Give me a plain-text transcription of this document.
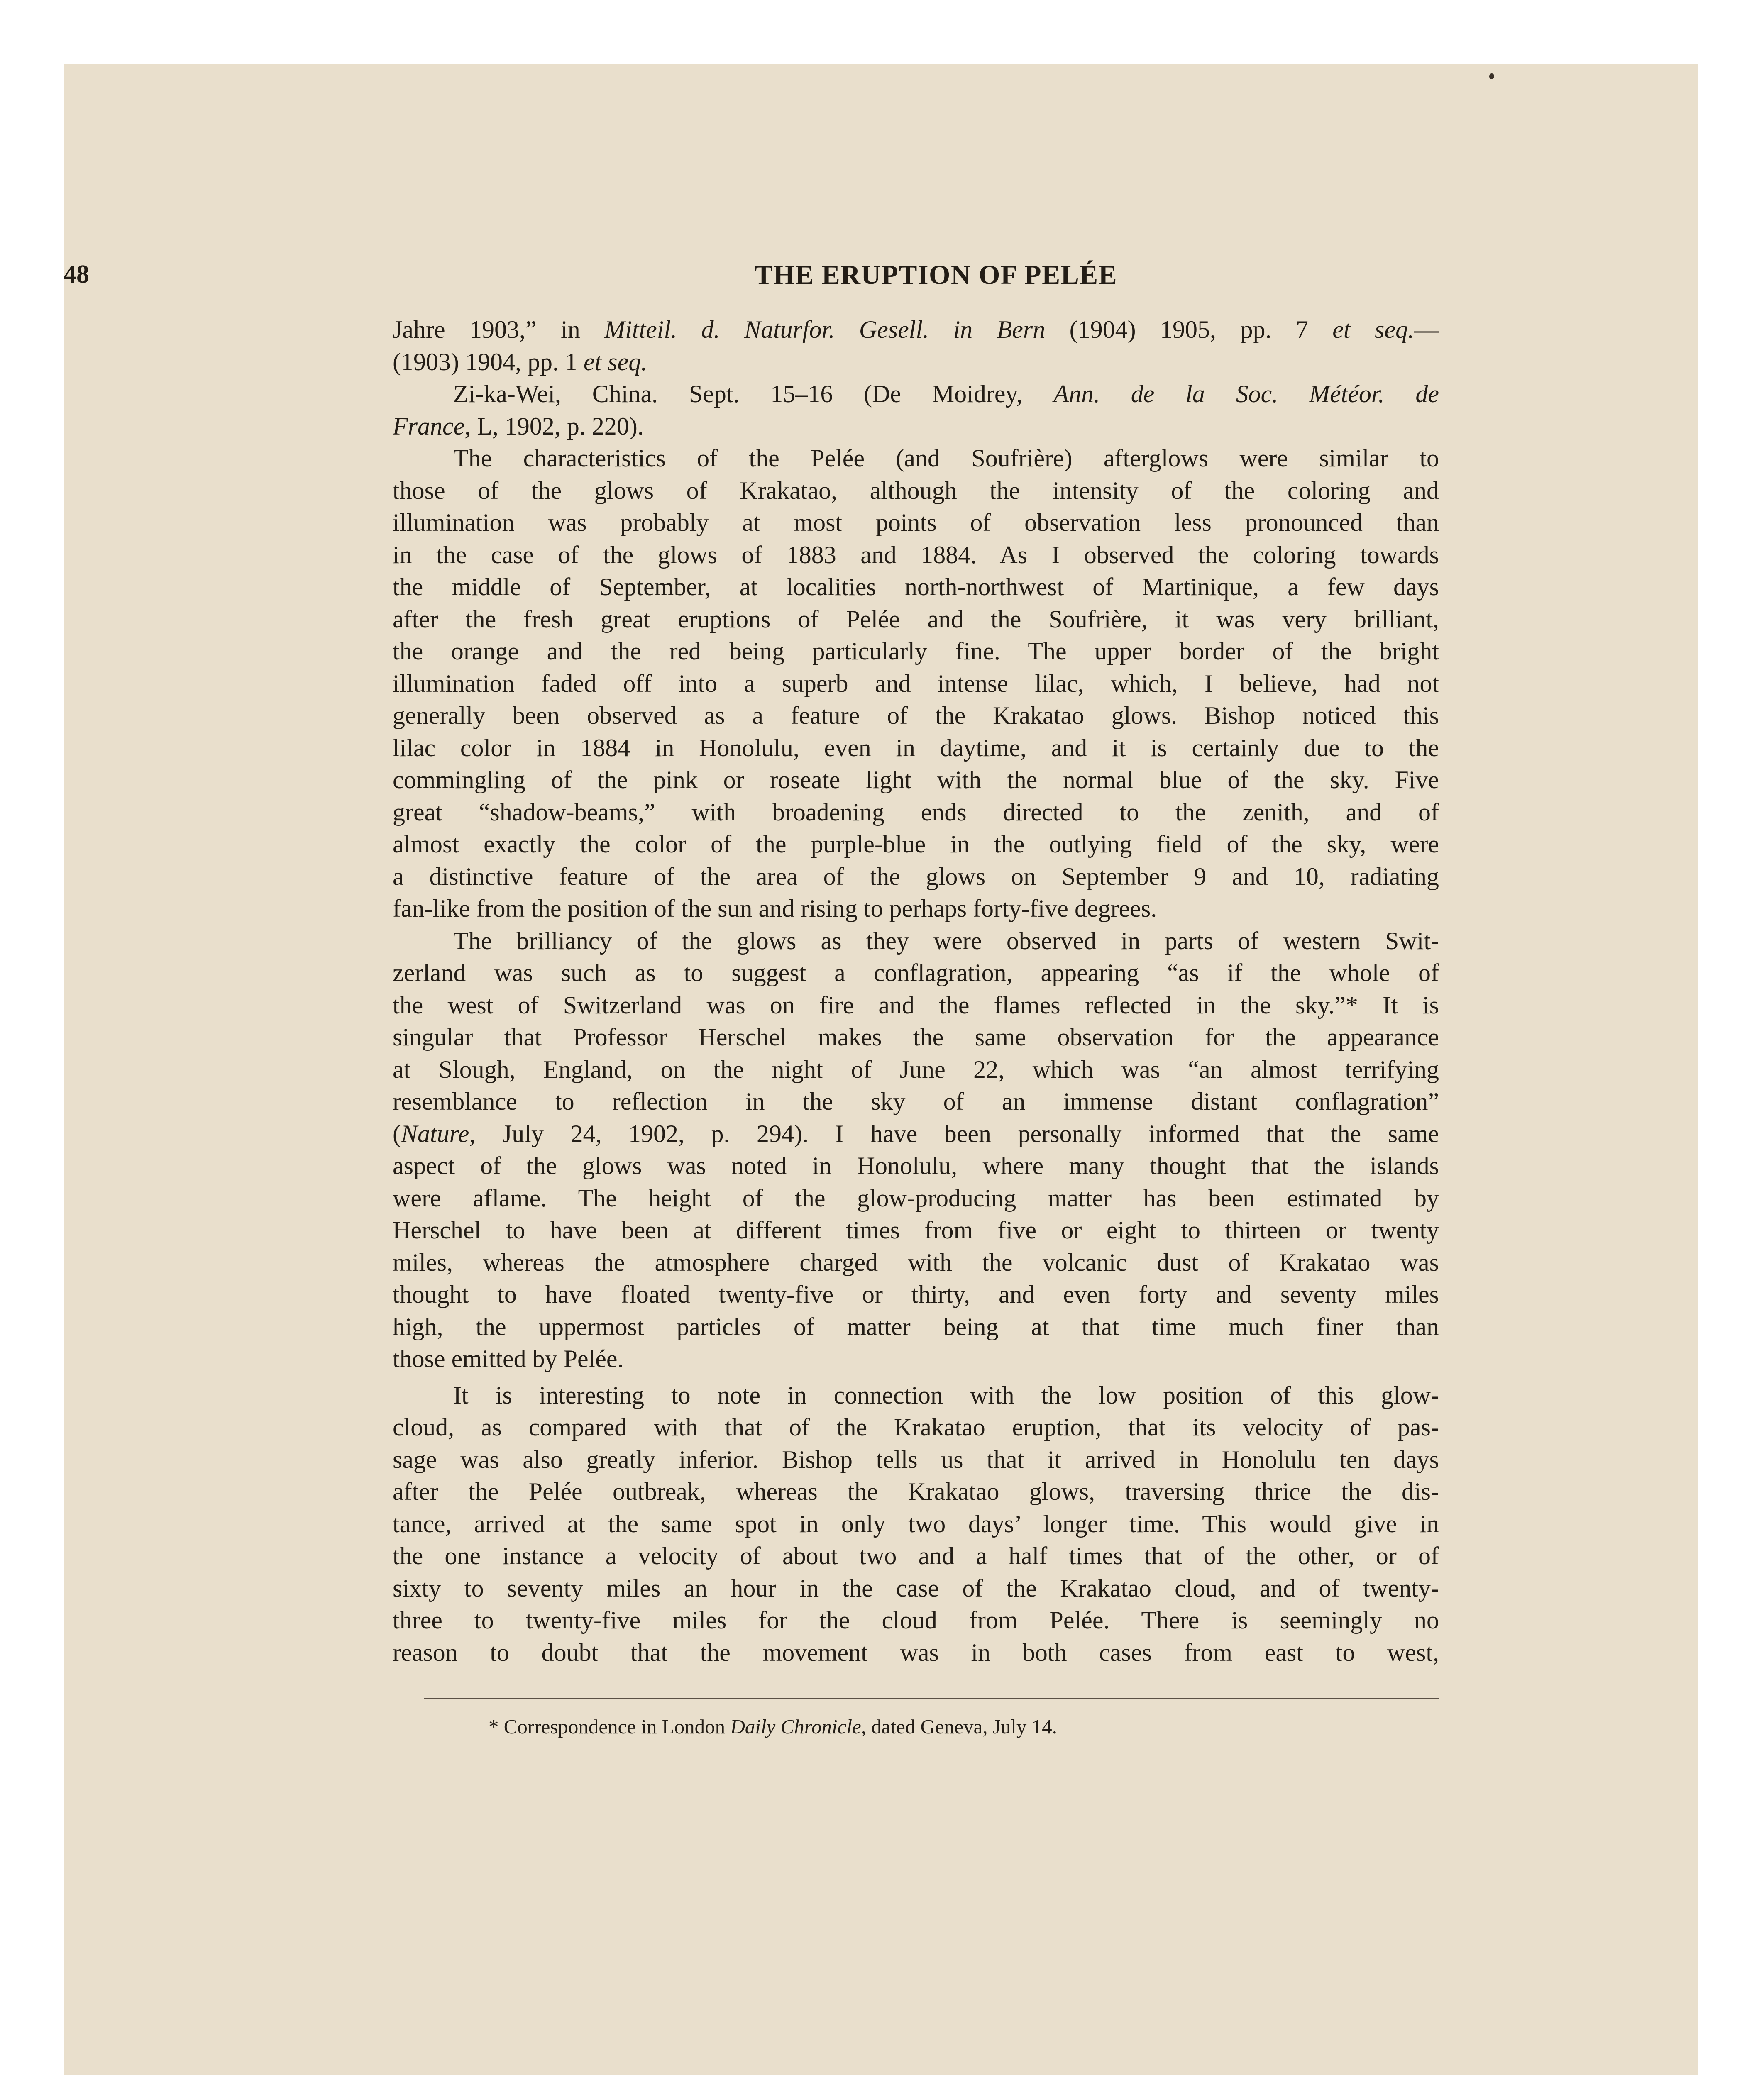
48	THE ERUPTION OF PELÉE
Jahre 1903,” in Mitteil. d. Naturfor. Gesell. in Bern (1904) 1905, pp. 7 et seq.—
(1903) 1904, pp. 1 et seq.
Zi-ka-Wei, China. Sept. 15–16 (De Moidrey, Ann. de la Soc. Météor. de
France, L, 1902, p. 220).
The characteristics of the Pelée (and Soufrière) afterglows were similar to
those of the glows of Krakatao, although the intensity of the coloring and
illumination was probably at most points of observation less pronounced than
in the case of the glows of 1883 and 1884. As I observed the coloring towards
the middle of September, at localities north-northwest of Martinique, a few days
after the fresh great eruptions of Pelée and the Soufrière, it was very brilliant,
the orange and the red being particularly fine. The upper border of the bright
illumination faded off into a superb and intense lilac, which, I believe, had not
generally been observed as a feature of the Krakatao glows. Bishop noticed this
lilac color in 1884 in Honolulu, even in daytime, and it is certainly due to the
commingling of the pink or roseate light with the normal blue of the sky. Five
great “shadow-beams,” with broadening ends directed to the zenith, and of
almost exactly the color of the purple-blue in the outlying field of the sky, were
a distinctive feature of the area of the glows on September 9 and 10, radiating
fan-like from the position of the sun and rising to perhaps forty-five degrees.
The brilliancy of the glows as they were observed in parts of western Swit-
zerland was such as to suggest a conflagration, appearing “as if the whole of
the west of Switzerland was on fire and the flames reflected in the sky.”* It is
singular that Professor Herschel makes the same observation for the appearance
at Slough, England, on the night of June 22, which was “an almost terrifying
resemblance to reflection in the sky of an immense distant conflagration”
(Nature, July 24, 1902, p. 294). I have been personally informed that the same
aspect of the glows was noted in Honolulu, where many thought that the islands
were aflame. The height of the glow-producing matter has been estimated by
Herschel to have been at different times from five or eight to thirteen or twenty
miles, whereas the atmosphere charged with the volcanic dust of Krakatao was
thought to have floated twenty-five or thirty, and even forty and seventy miles
high, the uppermost particles of matter being at that time much finer than
those emitted by Pelée.
It is interesting to note in connection with the low position of this glow-
cloud, as compared with that of the Krakatao eruption, that its velocity of pas-
sage was also greatly inferior. Bishop tells us that it arrived in Honolulu ten days
after the Pelée outbreak, whereas the Krakatao glows, traversing thrice the dis-
tance, arrived at the same spot in only two days’ longer time. This would give in
the one instance a velocity of about two and a half times that of the other, or of
sixty to seventy miles an hour in the case of the Krakatao cloud, and of twenty-
three to twenty-five miles for the cloud from Pelée. There is seemingly no
reason to doubt that the movement was in both cases from east to west,
* Correspondence in London Daily Chronicle, dated Geneva, July 14.
